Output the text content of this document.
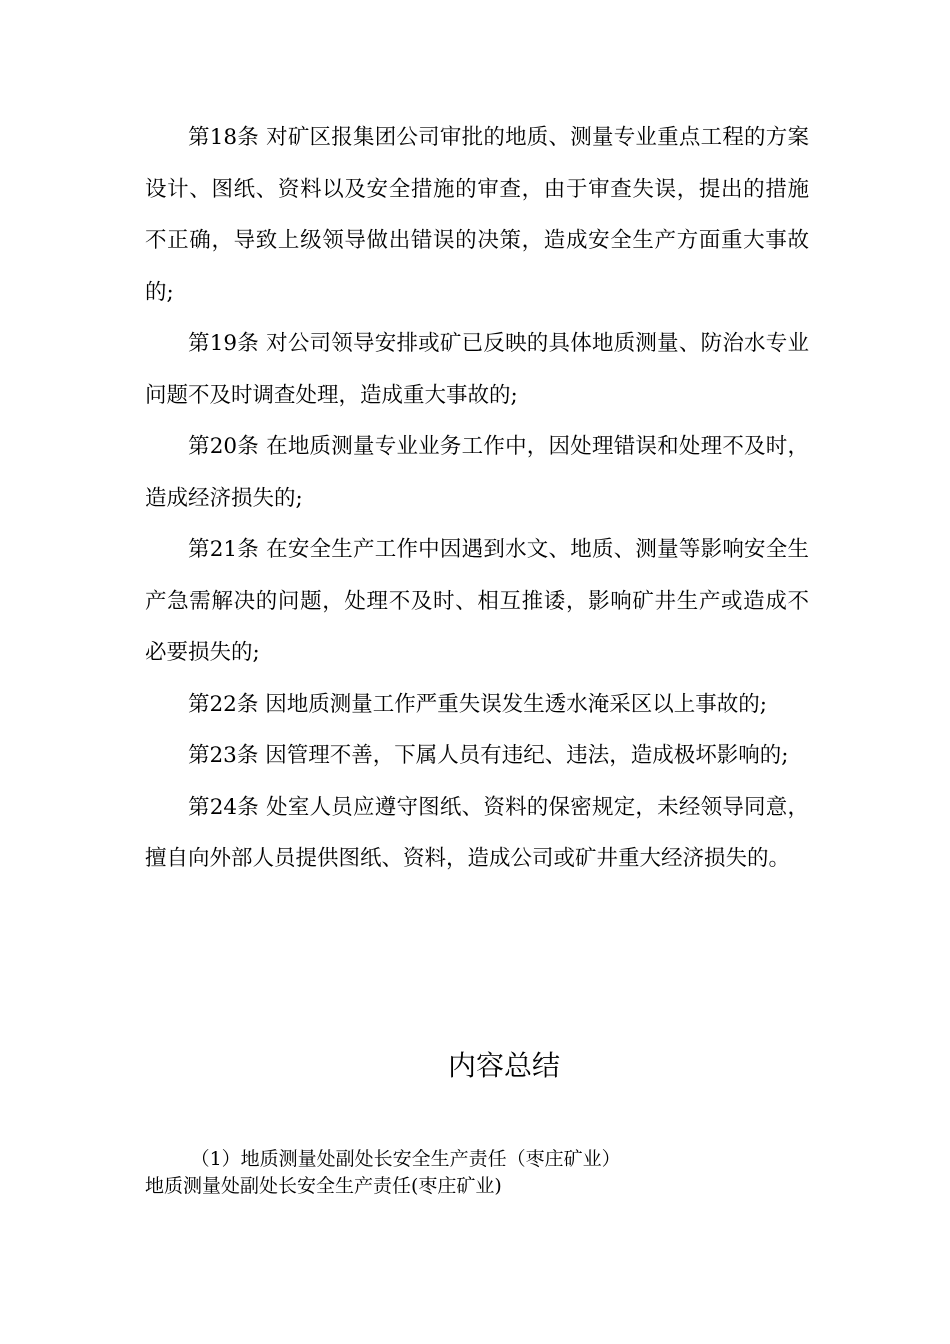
第18条 对矿区报集团公司审批的地质、测量专业重点工程的方案设计、图纸、资料以及安全措施的审查，由于审查失误，提出的措施不正确，导致上级领导做出错误的决策，造成安全生产方面重大事故的;

第19条 对公司领导安排或矿已反映的具体地质测量、防治水专业问题不及时调查处理，造成重大事故的;

第20条 在地质测量专业业务工作中，因处理错误和处理不及时，造成经济损失的;

第21条 在安全生产工作中因遇到水文、地质、测量等影响安全生产急需解决的问题，处理不及时、相互推诿，影响矿井生产或造成不必要损失的;

第22条 因地质测量工作严重失误发生透水淹采区以上事故的;

第23条 因管理不善，下属人员有违纪、违法，造成极坏影响的;

第24条 处室人员应遵守图纸、资料的保密规定，未经领导同意，擅自向外部人员提供图纸、资料，造成公司或矿井重大经济损失的。

内容总结

（1）地质测量处副处长安全生产责任（枣庄矿业）

地质测量处副处长安全生产责任(枣庄矿业)
